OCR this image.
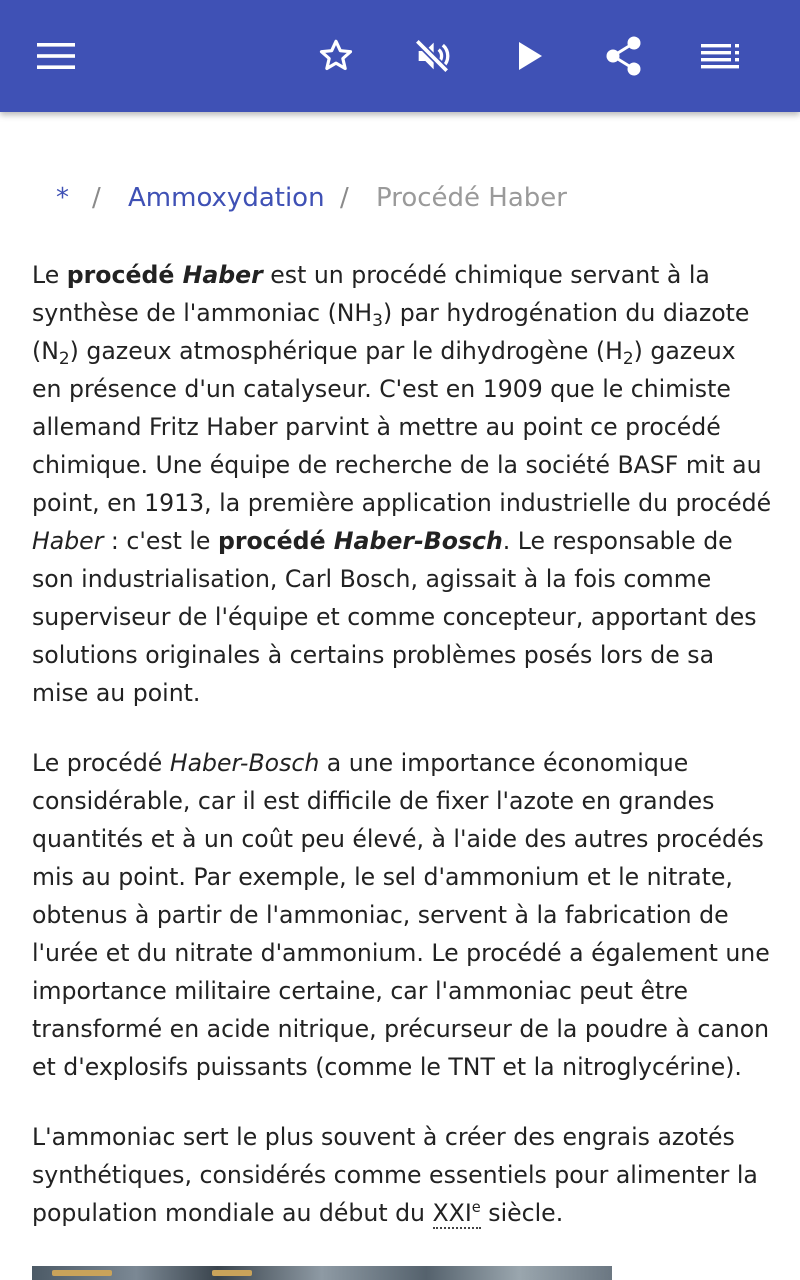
* / Ammoxydation / Procédé Haber

Le procédé Haber est un procédé chimique servant à la synthèse de l'ammoniac $(NH_3)$ par hydrogénation du diazote $(N_2)$ gazeux atmosphérique par le dihydrogène $(H_2)$ gazeux en présence d'un catalyseur. C'est en 1909 que le chimiste allemand Fritz Haber parvint à mettre au point ce procédé chimique. Une équipe de recherche de la société BASF mit au point, en 1913, la première application industrielle du procédé Haber : c'est le procédé Haber-Bosch. Le responsable de son industrialisation, Carl Bosch, agissait à la fois comme superviseur de l'équipe et comme concepteur, apportant des solutions originales à certains problèmes posés lors de sa mise au point.

Le procédé Haber-Bosch a une importance économique considérable, car il est difficile de fixer l'azote en grandes quantités et à un coût peu élevé, à l'aide des autres procédés mis au point. Par exemple, le sel d'ammonium et le nitrate, obtenus à partir de l'ammoniac, servent à la fabrication de l'urée et du nitrate d'ammonium. Le procédé a également une importance militaire certaine, car l'ammoniac peut être transformé en acide nitrique, précurseur de la poudre à canon et d'explosifs puissants (comme le TNT et la nitroglycérine).

L'ammoniac sert le plus souvent à créer des engrais azotés synthétiques, considérés comme essentiels pour alimenter la population mondiale au début du XXIe siècle.
